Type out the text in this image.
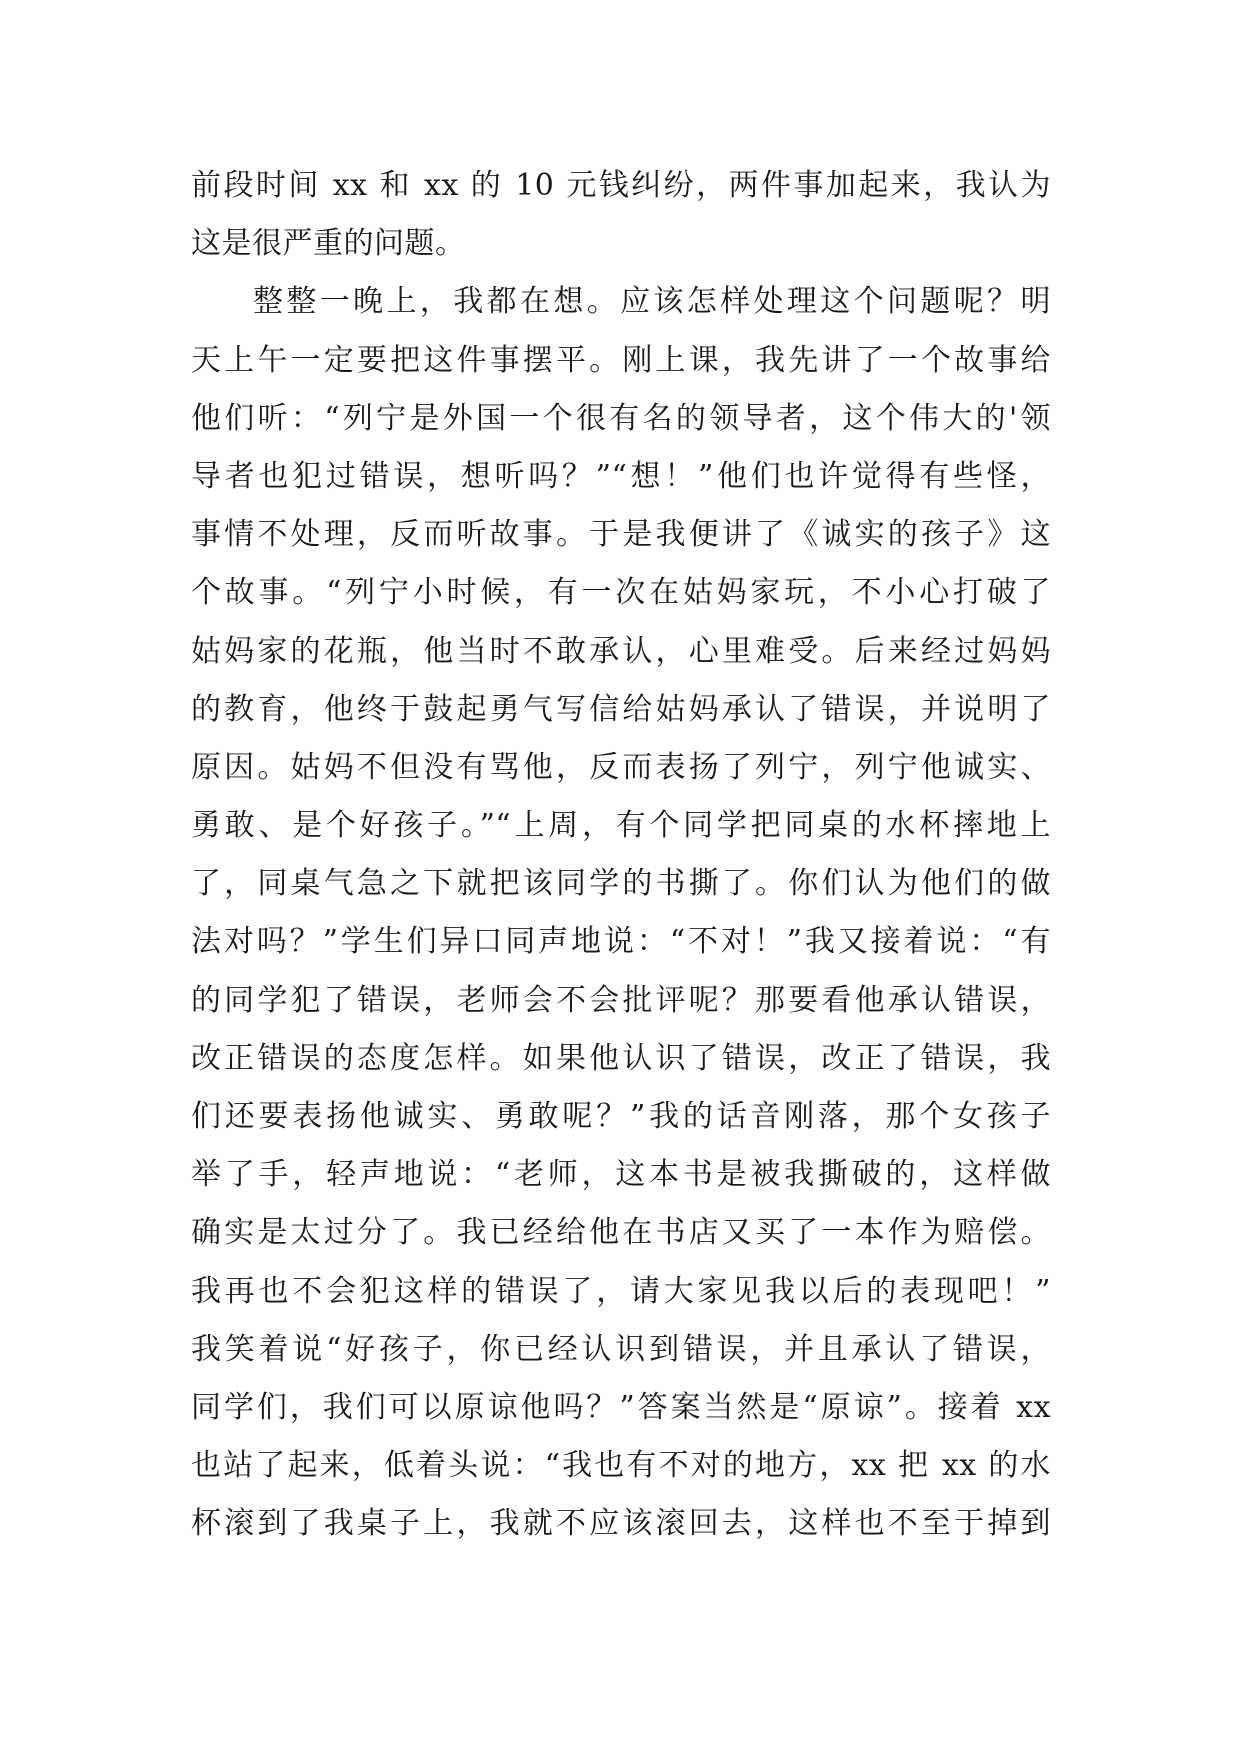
前段时间 xx 和 xx 的 10 元钱纠纷，两件事加起来，我认为
这是很严重的问题。
整整一晚上，我都在想。应该怎样处理这个问题呢？明
天上午一定要把这件事摆平。刚上课，我先讲了一个故事给
他们听：“列宁是外国一个很有名的领导者，这个伟大的'领
导者也犯过错误，想听吗？”“想！”他们也许觉得有些怪，
事情不处理，反而听故事。于是我便讲了《诚实的孩子》这
个故事。“列宁小时候，有一次在姑妈家玩，不小心打破了
姑妈家的花瓶，他当时不敢承认，心里难受。后来经过妈妈
的教育，他终于鼓起勇气写信给姑妈承认了错误，并说明了
原因。姑妈不但没有骂他，反而表扬了列宁，列宁他诚实、
勇敢、是个好孩子。”“上周，有个同学把同桌的水杯摔地上
了，同桌气急之下就把该同学的书撕了。你们认为他们的做
法对吗？”学生们异口同声地说：“不对！”我又接着说：“有
的同学犯了错误，老师会不会批评呢？那要看他承认错误，
改正错误的态度怎样。如果他认识了错误，改正了错误，我
们还要表扬他诚实、勇敢呢？”我的话音刚落，那个女孩子
举了手，轻声地说：“老师，这本书是被我撕破的，这样做
确实是太过分了。我已经给他在书店又买了一本作为赔偿。
我再也不会犯这样的错误了，请大家见我以后的表现吧！”
我笑着说“好孩子，你已经认识到错误，并且承认了错误，
同学们，我们可以原谅他吗？”答案当然是“原谅”。接着 xx
也站了起来，低着头说：“我也有不对的地方，xx 把 xx 的水
杯滚到了我桌子上，我就不应该滚回去，这样也不至于掉到
